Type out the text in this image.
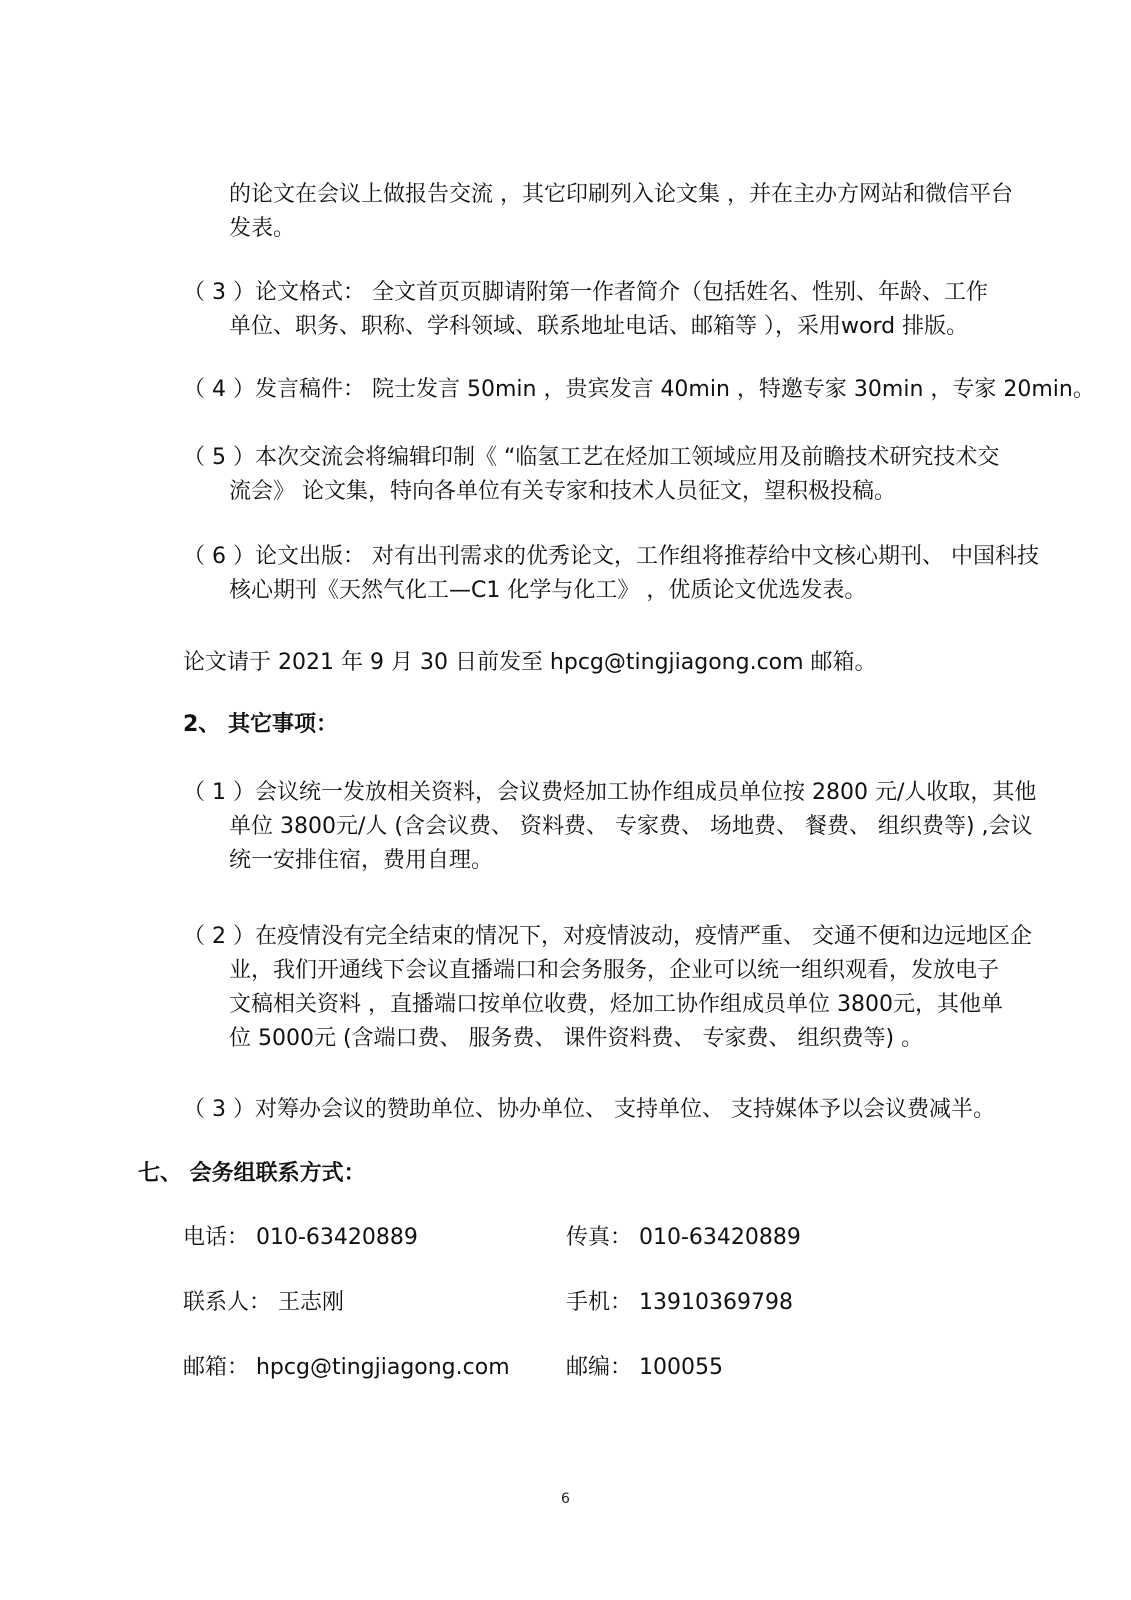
的论文在会议上做报告交流 ，其它印刷列入论文集 ，并在主办方网站和微信平台
发表。
（ 3 ）论文格式： 全文首页页脚请附第一作者简介（包括姓名、性别、年龄、工作
单位、职务、职称、学科领域、联系地址电话、邮箱等 ），采用word 排版。
（ 4 ）发言稿件： 院士发言 50min ，贵宾发言 40min ，特邀专家 30min ，专家 20min。
（ 5 ）本次交流会将编辑印制《 “临氢工艺在烃加工领域应用及前瞻技术研究技术交
流会》 论文集，特向各单位有关专家和技术人员征文，望积极投稿。
（ 6 ）论文出版： 对有出刊需求的优秀论文，工作组将推荐给中文核心期刊、 中国科技
核心期刊《天然气化工—C1 化学与化工》 ，优质论文优选发表。
论文请于 2021 年 9 月 30 日前发至 hpcg@tingjiagong.com 邮箱。
2、 其它事项：
（ 1 ）会议统一发放相关资料，会议费烃加工协作组成员单位按 2800 元/人收取，其他
单位 3800元/人 (含会议费、 资料费、 专家费、 场地费、 餐费、 组织费等) ,会议
统一安排住宿，费用自理。
（ 2 ）在疫情没有完全结束的情况下，对疫情波动，疫情严重、 交通不便和边远地区企
业，我们开通线下会议直播端口和会务服务，企业可以统一组织观看，发放电子
文稿相关资料 ，直播端口按单位收费，烃加工协作组成员单位 3800元，其他单
位 5000元 (含端口费、 服务费、 课件资料费、 专家费、 组织费等) 。
（ 3 ）对筹办会议的赞助单位、协办单位、 支持单位、 支持媒体予以会议费减半。
七、 会务组联系方式：
电话： 010-63420889	传真： 010-63420889
联系人： 王志刚	手机： 13910369798
邮箱： hpcg@tingjiagong.com	邮编： 100055
6
